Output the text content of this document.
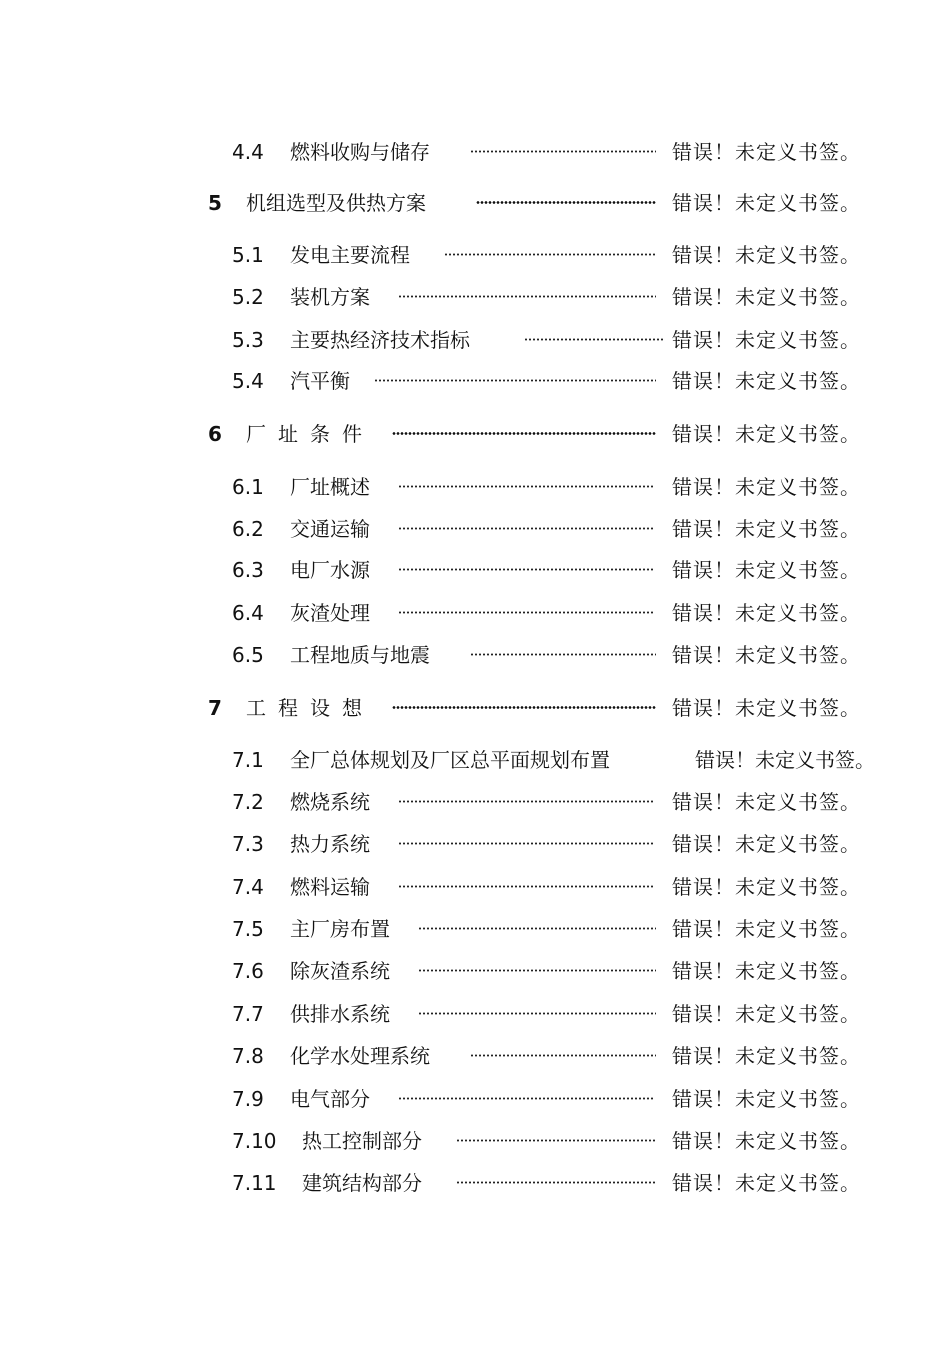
4.4 燃料收购与储存	错误！未定义书签。
5 机组选型及供热方案	错误！未定义书签。
5.1 发电主要流程	错误！未定义书签。
5.2 装机方案	错误！未定义书签。
5.3 主要热经济技术指标	错误！未定义书签。
5.4 汽平衡	错误！未定义书签。
6 厂址条件	错误！未定义书签。
6.1 厂址概述	错误！未定义书签。
6.2 交通运输	错误！未定义书签。
6.3 电厂水源	错误！未定义书签。
6.4 灰渣处理	错误！未定义书签。
6.5 工程地质与地震	错误！未定义书签。
7 工程设想	错误！未定义书签。
7.1 全厂总体规划及厂区总平面规划布置	错误！未定义书签。
7.2 燃烧系统	错误！未定义书签。
7.3 热力系统	错误！未定义书签。
7.4 燃料运输	错误！未定义书签。
7.5 主厂房布置	错误！未定义书签。
7.6 除灰渣系统	错误！未定义书签。
7.7 供排水系统	错误！未定义书签。
7.8 化学水处理系统	错误！未定义书签。
7.9 电气部分	错误！未定义书签。
7.10 热工控制部分	错误！未定义书签。
7.11 建筑结构部分	错误！未定义书签。
